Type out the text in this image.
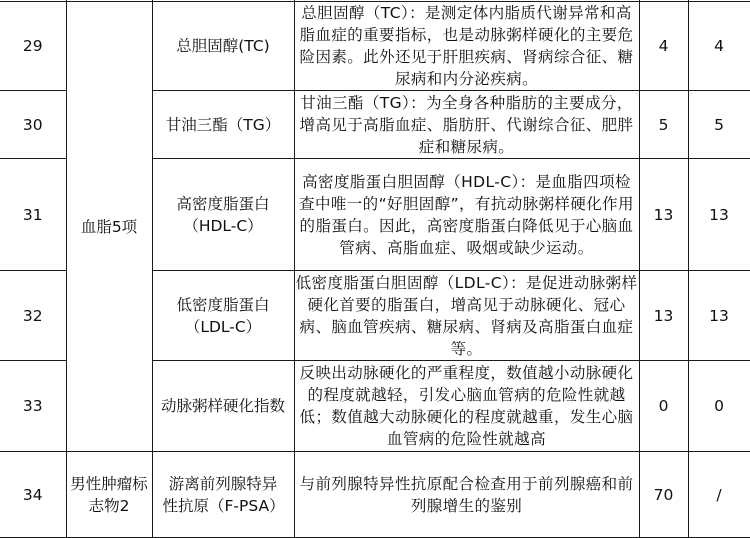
29	血脂5项	总胆固醇(TC)	总胆固醇（TC）：是测定体内脂质代谢异常和高脂血症的重要指标，也是动脉粥样硬化的主要危险因素。此外还见于肝胆疾病、肾病综合征、糖尿病和内分泌疾病。	4	4
30		甘油三酯（TG）	甘油三酯（TG）：为全身各种脂肪的主要成分，增高见于高脂血症、脂肪肝、代谢综合征、肥胖症和糖尿病。	5	5
31		高密度脂蛋白（HDL-C）	高密度脂蛋白胆固醇（HDL-C）：是血脂四项检查中唯一的“好胆固醇”，有抗动脉粥样硬化作用的脂蛋白。因此，高密度脂蛋白降低见于心脑血管病、高脂血症、吸烟或缺少运动。	13	13
32		低密度脂蛋白（LDL-C）	低密度脂蛋白胆固醇（LDL-C）：是促进动脉粥样硬化首要的脂蛋白，增高见于动脉硬化、冠心病、脑血管疾病、糖尿病、肾病及高脂蛋白血症等。	13	13
33		动脉粥样硬化指数	反映出动脉硬化的严重程度，数值越小动脉硬化的程度就越轻，引发心脑血管病的危险性就越低；数值越大动脉硬化的程度就越重，发生心脑血管病的危险性就越高	0	0
34	男性肿瘤标志物2	游离前列腺特异性抗原（F-PSA）	与前列腺特异性抗原配合检查用于前列腺癌和前列腺增生的鉴别	70	/
